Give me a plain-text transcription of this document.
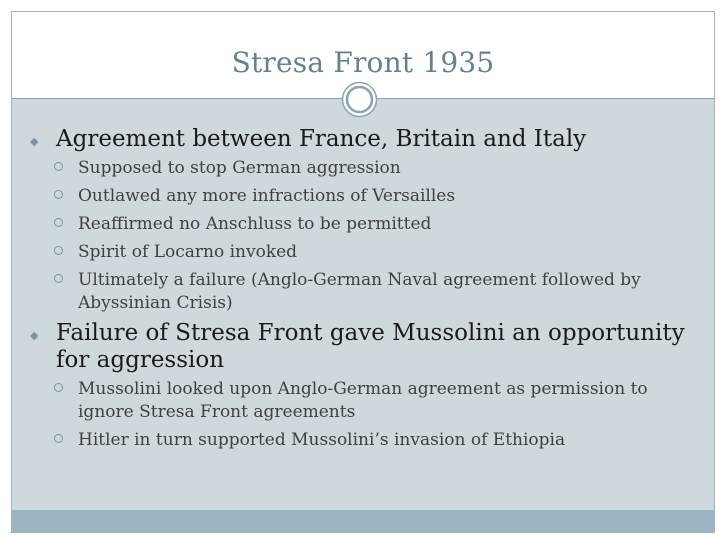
Stresa Front 1935
◆ Agreement between France, Britain and Italy
Supposed to stop German aggression
Outlawed any more infractions of Versailles
Reaffirmed no Anschluss to be permitted
Spirit of Locarno invoked
Ultimately a failure (Anglo-German Naval agreement followed by Abyssinian Crisis)
◆ Failure of Stresa Front gave Mussolini an opportunity for aggression
Mussolini looked upon Anglo-German agreement as permission to ignore Stresa Front agreements
Hitler in turn supported Mussolini’s invasion of Ethiopia
